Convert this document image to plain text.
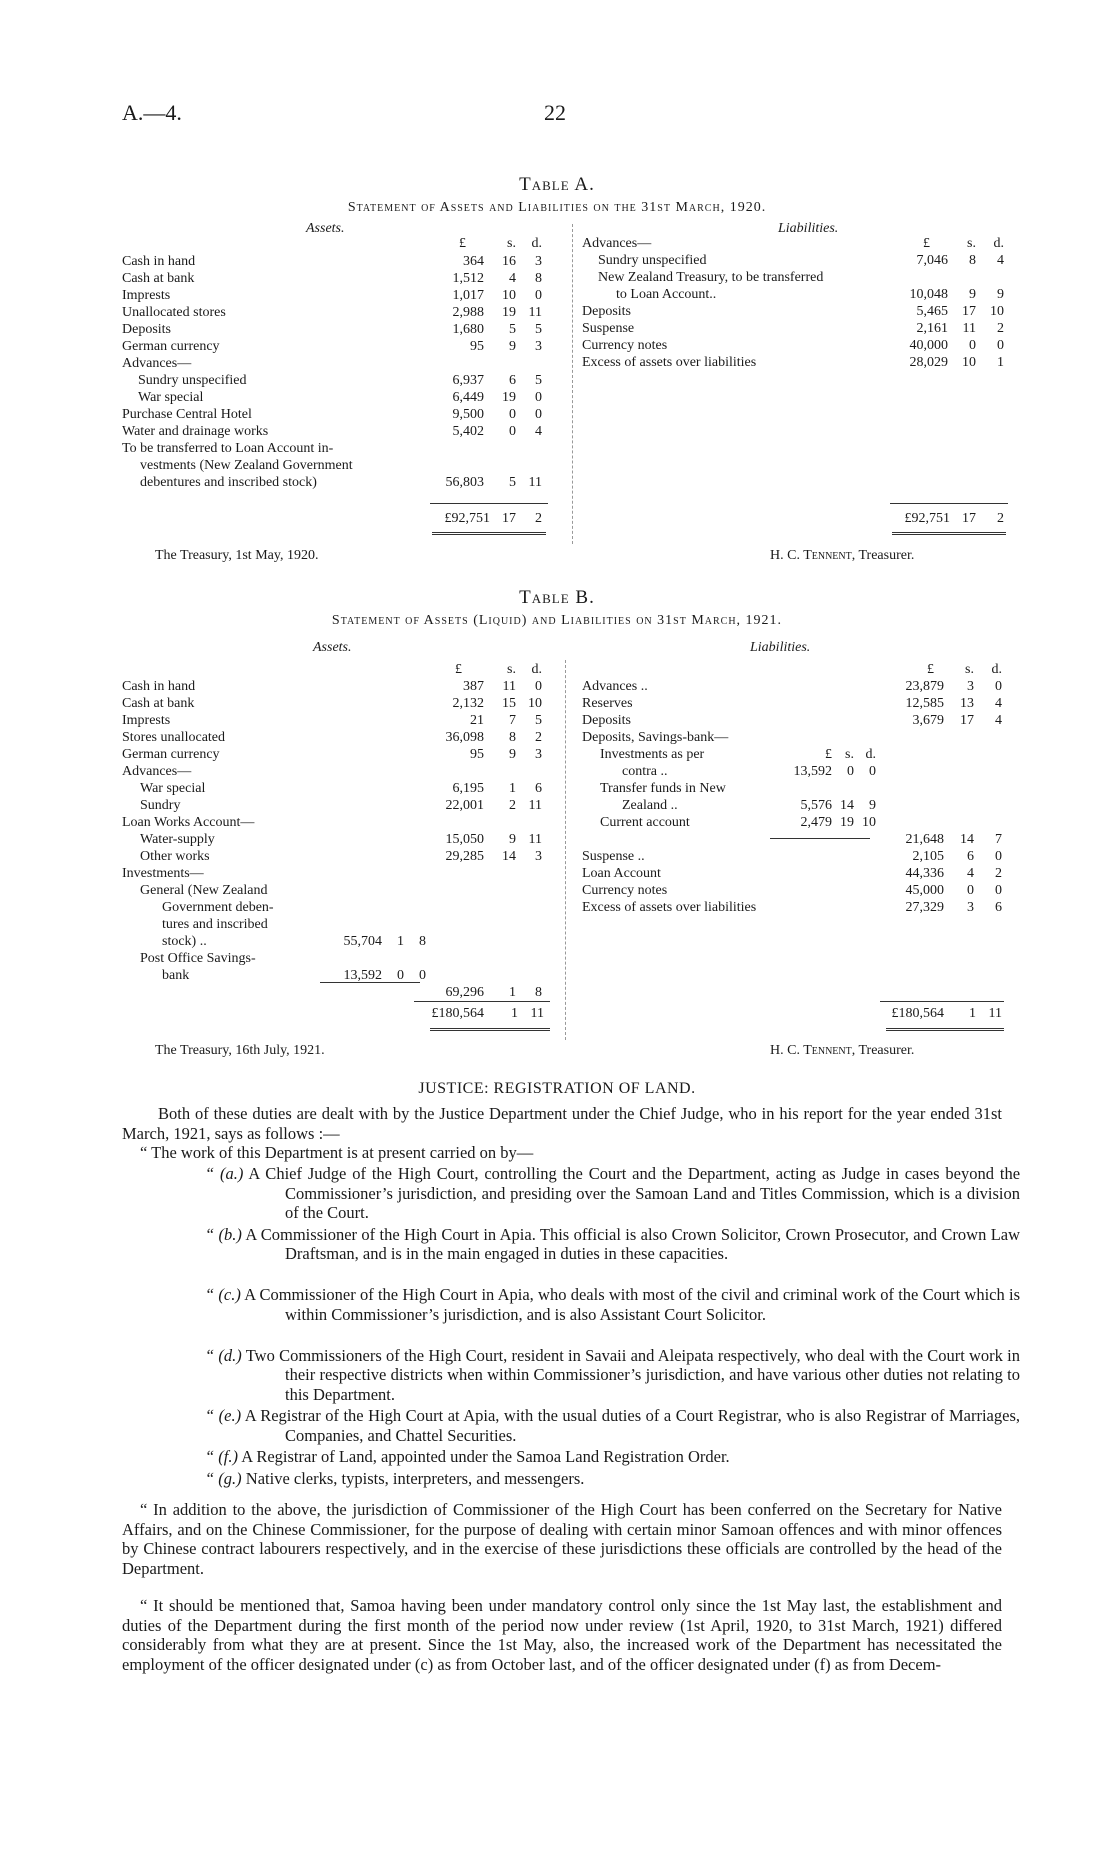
A.—4.	22
Table A.
Statement of Assets and Liabilities on the 31st March, 1920.
Assets.	Liabilities.
Cash in hand	364	16	3
Cash at bank	1,512	4	8
Imprests	1,017	10	0
Unallocated stores	2,988	19 11
Deposits	1,680	5	5
German currency	95	9	3
Advances—
Sundry unspecified	6,937	6	5
War special	6,449	19	0
Purchase Central Hotel	9,500	0	0
Water and drainage works	5,402	0	4
To be transferred to Loan Account in-
vestments (New Zealand Government
debentures and inscribed stock)	56,803	5 11
Advances—
Sundry unspecified	7,046	8	4
New Zealand Treasury, to be transferred
to Loan Account..	10,048	9	9
Deposits	5,465	17 10
Suspense	2,161	11	2
Currency notes	40,000	0	0
Excess of assets over liabilities	28,029	10	1
£92,751 17	2	£92,751 17	2
The Treasury, 1st May, 1920.	H. C. Tennent, Treasurer.
Table B.
Statement of Assets (Liquid) and Liabilities on 31st March, 1921.
Assets.	Liabilities.
Cash in hand	387	11	0
Cash at bank	2,132	15 10
Imprests	21	7	5
Stores unallocated	36,098	8	2
German currency	95	9	3
Advances—
War special	6,195	1	6
Sundry	22,001	2 11
Loan Works Account—
Water-supply	15,050	9 11
Other works	29,285	14	3
Investments—
General (New Zealand
Government deben-
tures and inscribed
stock) ..	55,704	1	8
Post Office Savings-
bank	13,592	0	0
69,296	1	8
Advances ..	23,879	3	0
Reserves	12,585	13	4
Deposits	3,679	17	4
Deposits, Savings-bank—
Investments as per	£ s. d.
contra ..	13,592	0	0
Transfer funds in New
Zealand ..	5,576 14	9
Current account	2,479 19 10
21,648	14	7
Suspense ..	2,105	6	0
Loan Account	44,336	4	2
Currency notes	45,000	0	0
Excess of assets over liabilities	27,329	3	6
£180,564	1 11	£180,564	1 11
The Treasury, 16th July, 1921.	H. C. Tennent, Treasurer.
JUSTICE: REGISTRATION OF LAND.
Both of these duties are dealt with by the Justice Department under the Chief Judge, who in his report for the year ended 31st March, 1921, says as follows :—
“ The work of this Department is at present carried on by—
“ (a.) A Chief Judge of the High Court, controlling the Court and the Department, acting as Judge in cases beyond the Commissioner’s jurisdiction, and presiding over the Samoan Land and Titles Commission, which is a division of the Court.
“ (b.) A Commissioner of the High Court in Apia. This official is also Crown Solicitor, Crown Prosecutor, and Crown Law Draftsman, and is in the main engaged in duties in these capacities.
“ (c.) A Commissioner of the High Court in Apia, who deals with most of the civil and criminal work of the Court which is within Commissioner’s jurisdiction, and is also Assistant Court Solicitor.
“ (d.) Two Commissioners of the High Court, resident in Savaii and Aleipata respectively, who deal with the Court work in their respective districts when within Commissioner’s jurisdiction, and have various other duties not relating to this Department.
“ (e.) A Registrar of the High Court at Apia, with the usual duties of a Court Registrar, who is also Registrar of Marriages, Companies, and Chattel Securities.
“ (f.) A Registrar of Land, appointed under the Samoa Land Registration Order.
“ (g.) Native clerks, typists, interpreters, and messengers.
“ In addition to the above, the jurisdiction of Commissioner of the High Court has been conferred on the Secretary for Native Affairs, and on the Chinese Commissioner, for the purpose of dealing with certain minor Samoan offences and with minor offences by Chinese contract labourers respectively, and in the exercise of these jurisdictions these officials are controlled by the head of the Department.
“ It should be mentioned that, Samoa having been under mandatory control only since the 1st May last, the establishment and duties of the Department during the first month of the period now under review (1st April, 1920, to 31st March, 1921) differed considerably from what they are at present. Since the 1st May, also, the increased work of the Department has necessitated the employment of the officer designated under (c) as from October last, and of the officer designated under (f) as from Decem-
£	s.	d.	£	s.	d.
£	s.	d.	£	s.	d.
